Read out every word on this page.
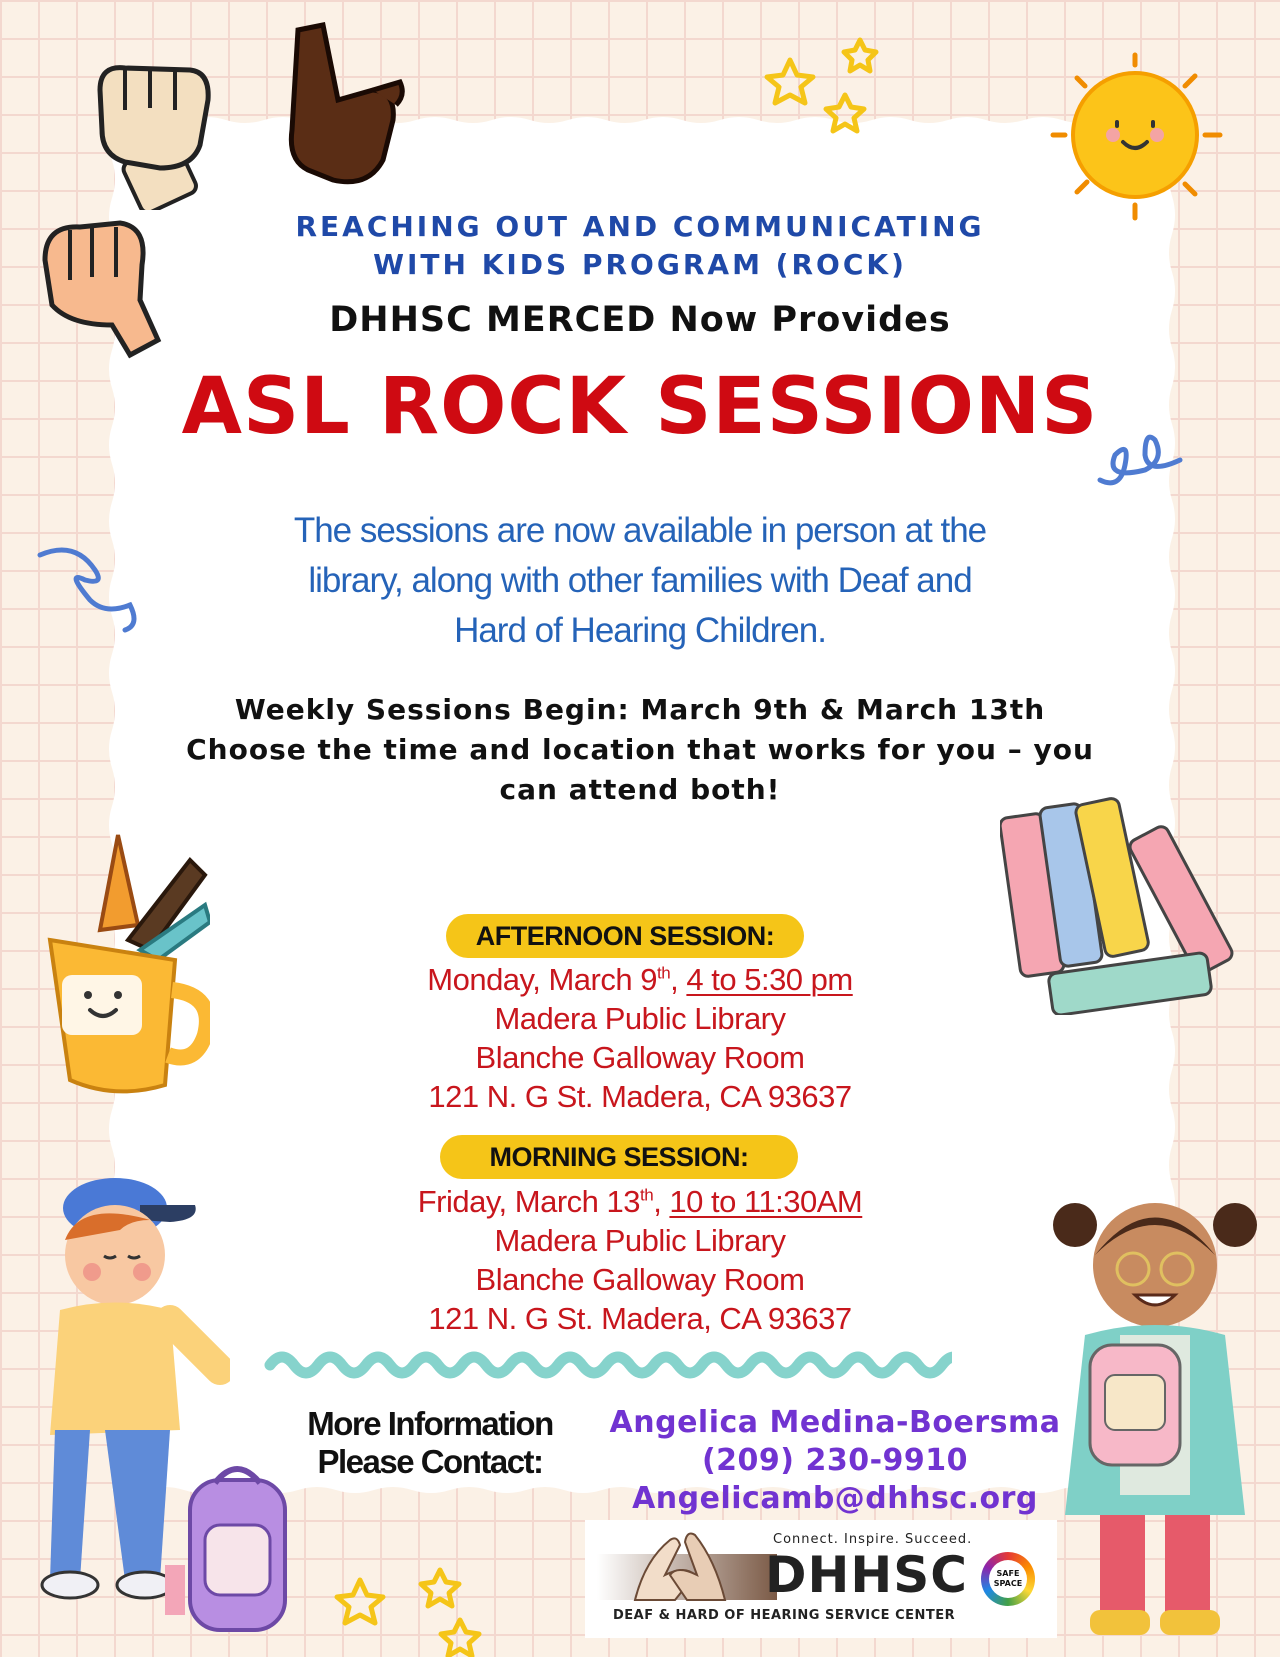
REACHING OUT AND COMMUNICATING
WITH KIDS PROGRAM (ROCK)
DHHSC MERCED Now Provides
ASL ROCK SESSIONS
The sessions are now available in person at the
library, along with other families with Deaf and
Hard of Hearing Children.
Weekly Sessions Begin: March 9th & March 13th
Choose the time and location that works for you – you
can attend both!
AFTERNOON SESSION:
Monday, March 9th, 4 to 5:30 pm
Madera Public Library
Blanche Galloway Room
121 N. G St. Madera, CA 93637
MORNING SESSION:
Friday, March 13th, 10 to 11:30AM
Madera Public Library
Blanche Galloway Room
121 N. G St. Madera, CA 93637
More Information
Please Contact:
Angelica Medina-Boersma
(209) 230-9910
Angelicamb@dhhsc.org
Connect. Inspire. Succeed.
DHHSC
DEAF & HARD OF HEARING SERVICE CENTER
SAFE SPACE
